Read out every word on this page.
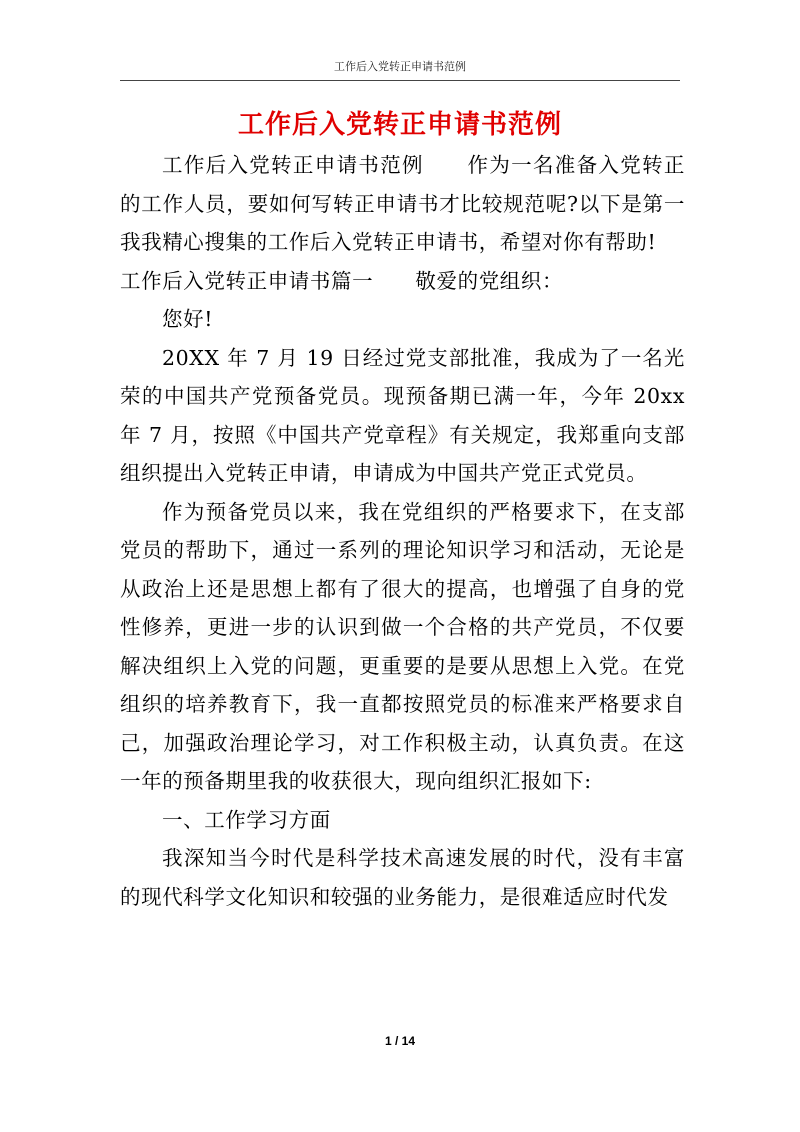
工作后入党转正申请书范例
工作后入党转正申请书范例

工作后入党转正申请书范例　　作为一名准备入党转正的工作人员，要如何写转正申请书才比较规范呢?以下是第一我我精心搜集的工作后入党转正申请书，希望对你有帮助!

工作后入党转正申请书篇一　　敬爱的党组织：

您好!

20XX 年 7 月 19 日经过党支部批准，我成为了一名光荣的中国共产党预备党员。现预备期已满一年，今年 20xx 年 7 月，按照《中国共产党章程》有关规定，我郑重向支部组织提出入党转正申请，申请成为中国共产党正式党员。

作为预备党员以来，我在党组织的严格要求下，在支部党员的帮助下，通过一系列的理论知识学习和活动，无论是从政治上还是思想上都有了很大的提高，也增强了自身的党性修养，更进一步的认识到做一个合格的共产党员，不仅要解决组织上入党的问题，更重要的是要从思想上入党。在党组织的培养教育下，我一直都按照党员的标准来严格要求自己，加强政治理论学习，对工作积极主动，认真负责。在这一年的预备期里我的收获很大，现向组织汇报如下:

一、工作学习方面

我深知当今时代是科学技术高速发展的时代，没有丰富的现代科学文化知识和较强的业务能力，是很难适应时代发

1 / 14
